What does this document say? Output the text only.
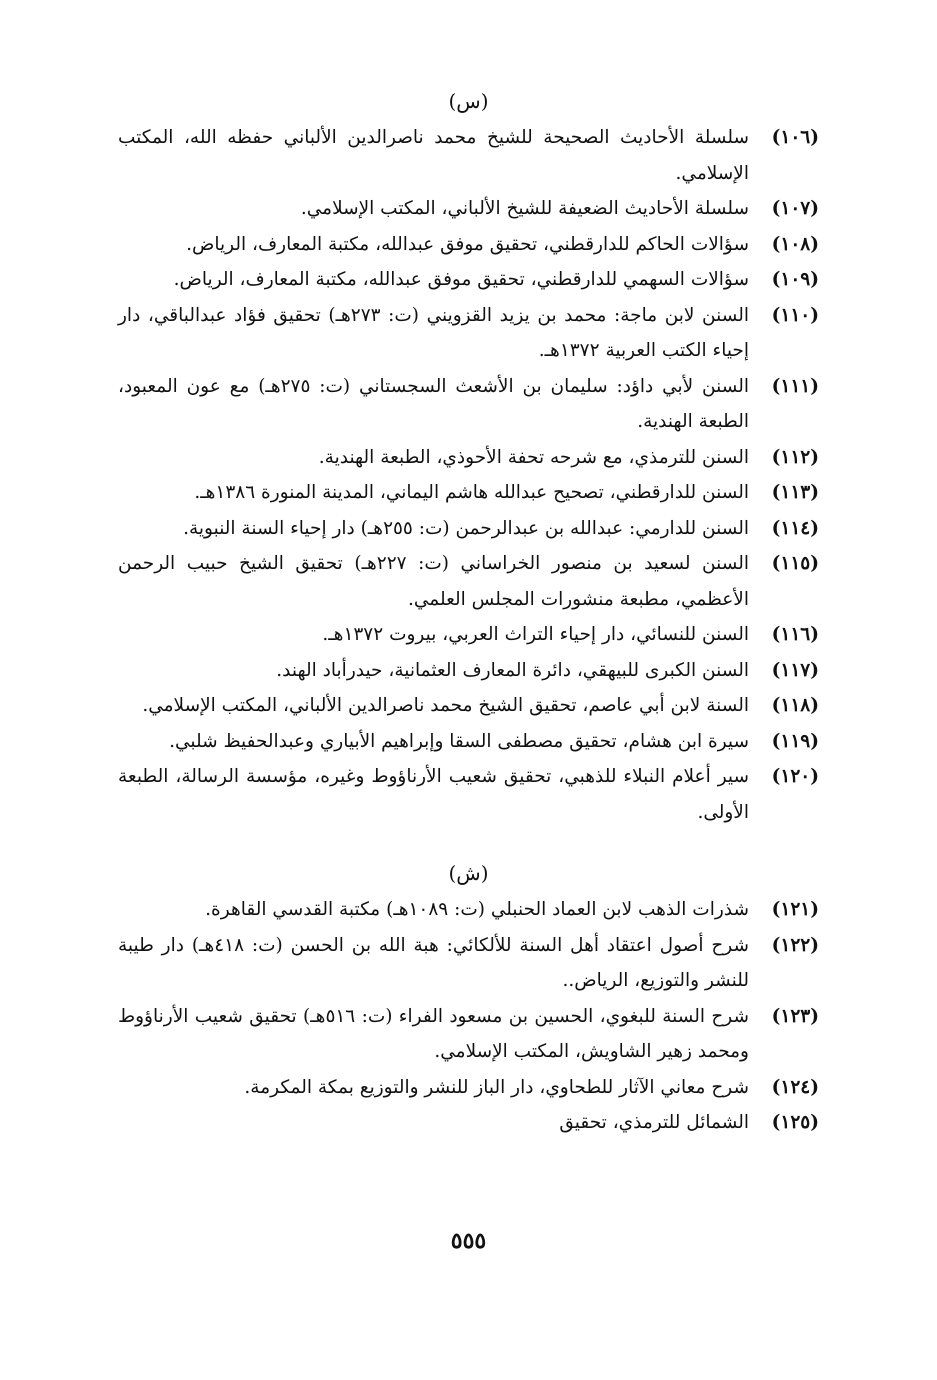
(س)
(١٠٦)
سلسلة الأحاديث الصحيحة للشيخ محمد ناصرالدين الألباني حفظه الله، المكتب الإسلامي.
(١٠٧)
سلسلة الأحاديث الضعيفة للشيخ الألباني، المكتب الإسلامي.
(١٠٨)
سؤالات الحاكم للدارقطني، تحقيق موفق عبدالله، مكتبة المعارف، الرياض.
(١٠٩)
سؤالات السهمي للدارقطني، تحقيق موفق عبدالله، مكتبة المعارف، الرياض.
(١١٠)
السنن لابن ماجة: محمد بن يزيد القزويني (ت: ٢٧٣هـ) تحقيق فؤاد عبدالباقي، دار إحياء الكتب العربية ١٣٧٢هـ.
(١١١)
السنن لأبي داؤد: سليمان بن الأشعث السجستاني (ت: ٢٧٥هـ) مع عون المعبود، الطبعة الهندية.
(١١٢)
السنن للترمذي، مع شرحه تحفة الأحوذي، الطبعة الهندية.
(١١٣)
السنن للدارقطني، تصحيح عبدالله هاشم اليماني، المدينة المنورة ١٣٨٦هـ.
(١١٤)
السنن للدارمي: عبدالله بن عبدالرحمن (ت: ٢٥٥هـ) دار إحياء السنة النبوية.
(١١٥)
السنن لسعيد بن منصور الخراساني (ت: ٢٢٧هـ) تحقيق الشيخ حبيب الرحمن الأعظمي، مطبعة منشورات المجلس العلمي.
(١١٦)
السنن للنسائي، دار إحياء التراث العربي، بيروت ١٣٧٢هـ.
(١١٧)
السنن الكبرى للبيهقي، دائرة المعارف العثمانية، حيدرأباد الهند.
(١١٨)
السنة لابن أبي عاصم، تحقيق الشيخ محمد ناصرالدين الألباني، المكتب الإسلامي.
(١١٩)
سيرة ابن هشام، تحقيق مصطفى السقا وإبراهيم الأبياري وعبدالحفيظ شلبي.
(١٢٠)
سير أعلام النبلاء للذهبي، تحقيق شعيب الأرناؤوط وغيره، مؤسسة الرسالة، الطبعة الأولى.
(ش)
(١٢١)
شذرات الذهب لابن العماد الحنبلي (ت: ١٠٨٩هـ) مكتبة القدسي القاهرة.
(١٢٢)
شرح أصول اعتقاد أهل السنة للألكائي: هبة الله بن الحسن (ت: ٤١٨هـ) دار طيبة للنشر والتوزيع، الرياض..
(١٢٣)
شرح السنة للبغوي، الحسين بن مسعود الفراء (ت: ٥١٦هـ) تحقيق شعيب الأرناؤوط ومحمد زهير الشاويش، المكتب الإسلامي.
(١٢٤)
شرح معاني الآثار للطحاوي، دار الباز للنشر والتوزيع بمكة المكرمة.
(١٢٥)
الشمائل للترمذي، تحقيق
٥٥٥
